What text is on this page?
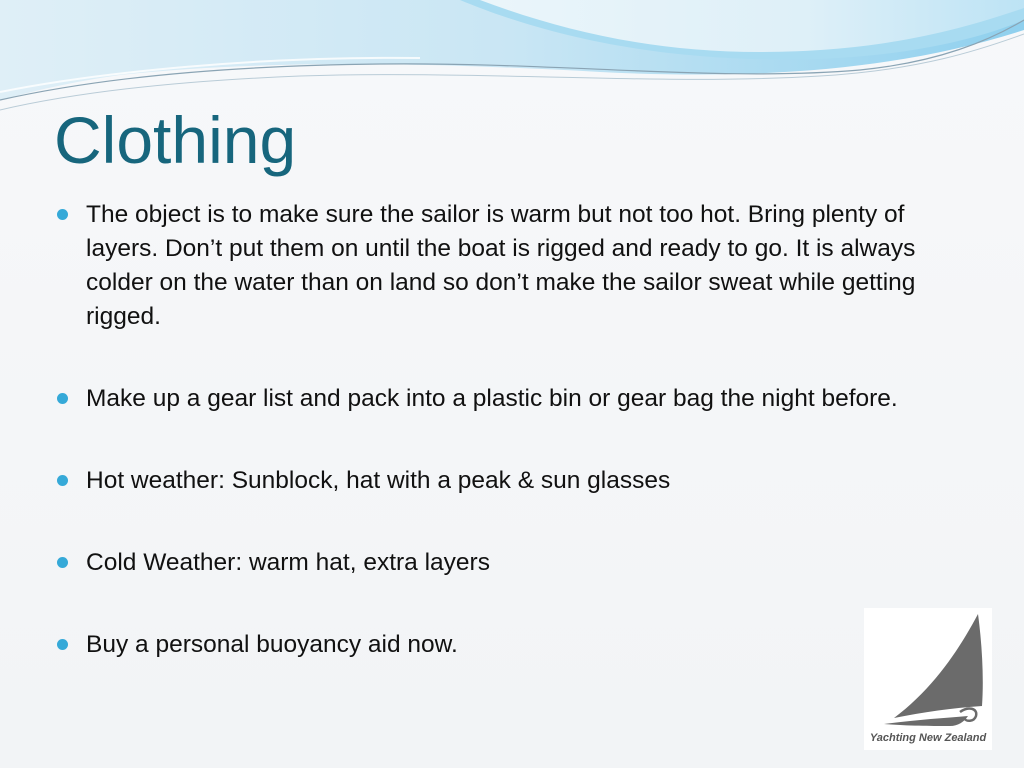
Clothing
The object is to make sure the sailor is warm but not too hot. Bring plenty of layers. Don’t put them on until the boat is rigged and ready to go. It is always colder on the water than on land so don’t make the sailor sweat while getting rigged.
Make up a gear list and pack into a plastic bin or gear bag the night before.
Hot weather: Sunblock, hat with a peak & sun glasses
Cold Weather: warm hat, extra layers
Buy a personal buoyancy aid now.
Yachting New Zealand
